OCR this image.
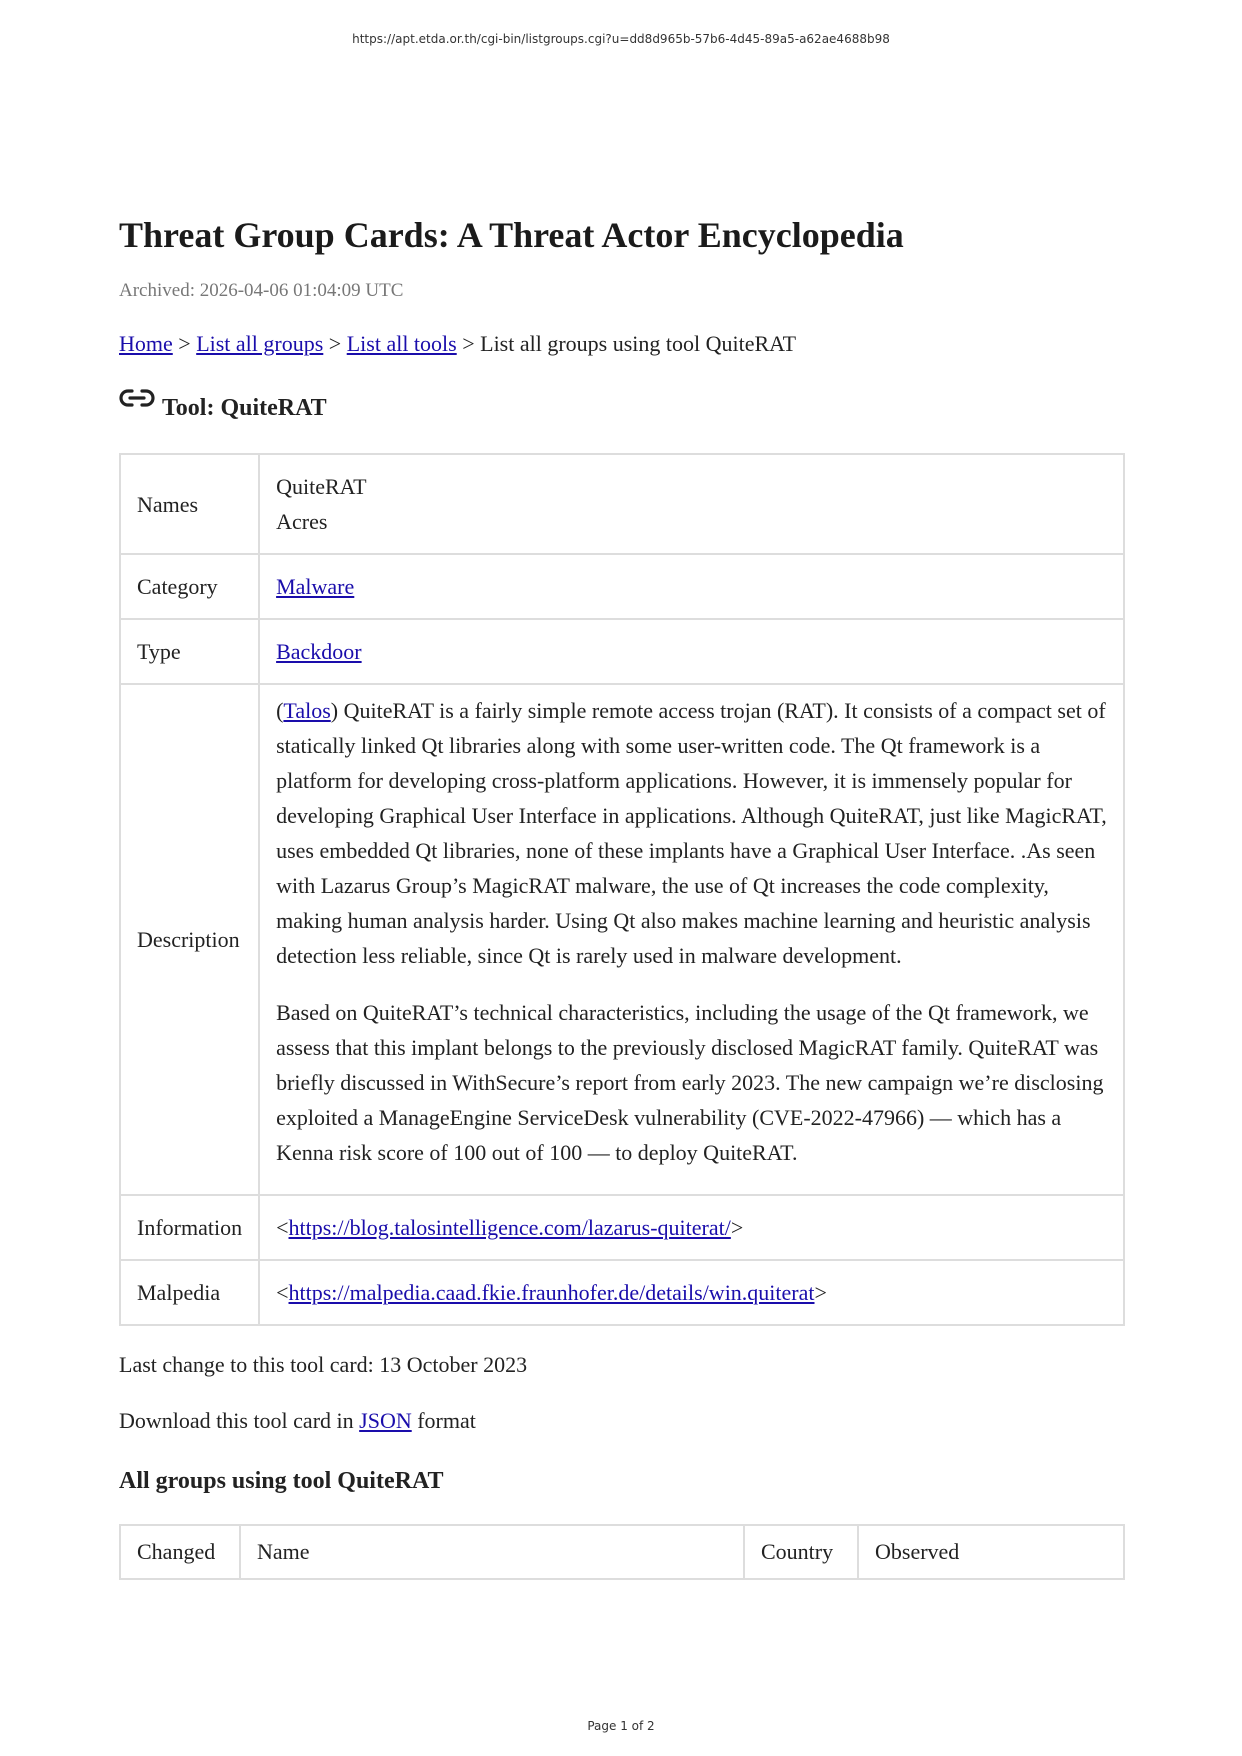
https://apt.etda.or.th/cgi-bin/listgroups.cgi?u=dd8d965b-57b6-4d45-89a5-a62ae4688b98
Threat Group Cards: A Threat Actor Encyclopedia
Archived: 2026-04-06 01:04:09 UTC
Home > List all groups > List all tools > List all groups using tool QuiteRAT
Tool: QuiteRAT
Names	QuiteRAT
Acres

Category	Malware
Type	Backdoor
Description	(Talos) QuiteRAT is a fairly simple remote access trojan (RAT). It consists of a compact set of statically linked Qt libraries along with some user-written code. The Qt framework is a platform for developing cross-platform applications. However, it is immensely popular for developing Graphical User Interface in applications. Although QuiteRAT, just like MagicRAT, uses embedded Qt libraries, none of these implants have a Graphical User Interface. .As seen with Lazarus Group’s MagicRAT malware, the use of Qt increases the code complexity, making human analysis harder. Using Qt also makes machine learning and heuristic analysis detection less reliable, since Qt is rarely used in malware development.

Based on QuiteRAT’s technical characteristics, including the usage of the Qt framework, we assess that this implant belongs to the previously disclosed MagicRAT family. QuiteRAT was briefly discussed in WithSecure’s report from early 2023. The new campaign we’re disclosing exploited a ManageEngine ServiceDesk vulnerability (CVE-2022-47966) — which has a Kenna risk score of 100 out of 100 — to deploy QuiteRAT.

Information	<https://blog.talosintelligence.com/lazarus-quiterat/>
Malpedia	<https://malpedia.caad.fkie.fraunhofer.de/details/win.quiterat>
Last change to this tool card: 13 October 2023
Download this tool card in JSON format
All groups using tool QuiteRAT
Changed	Name	Country	Observed
Page 1 of 2
